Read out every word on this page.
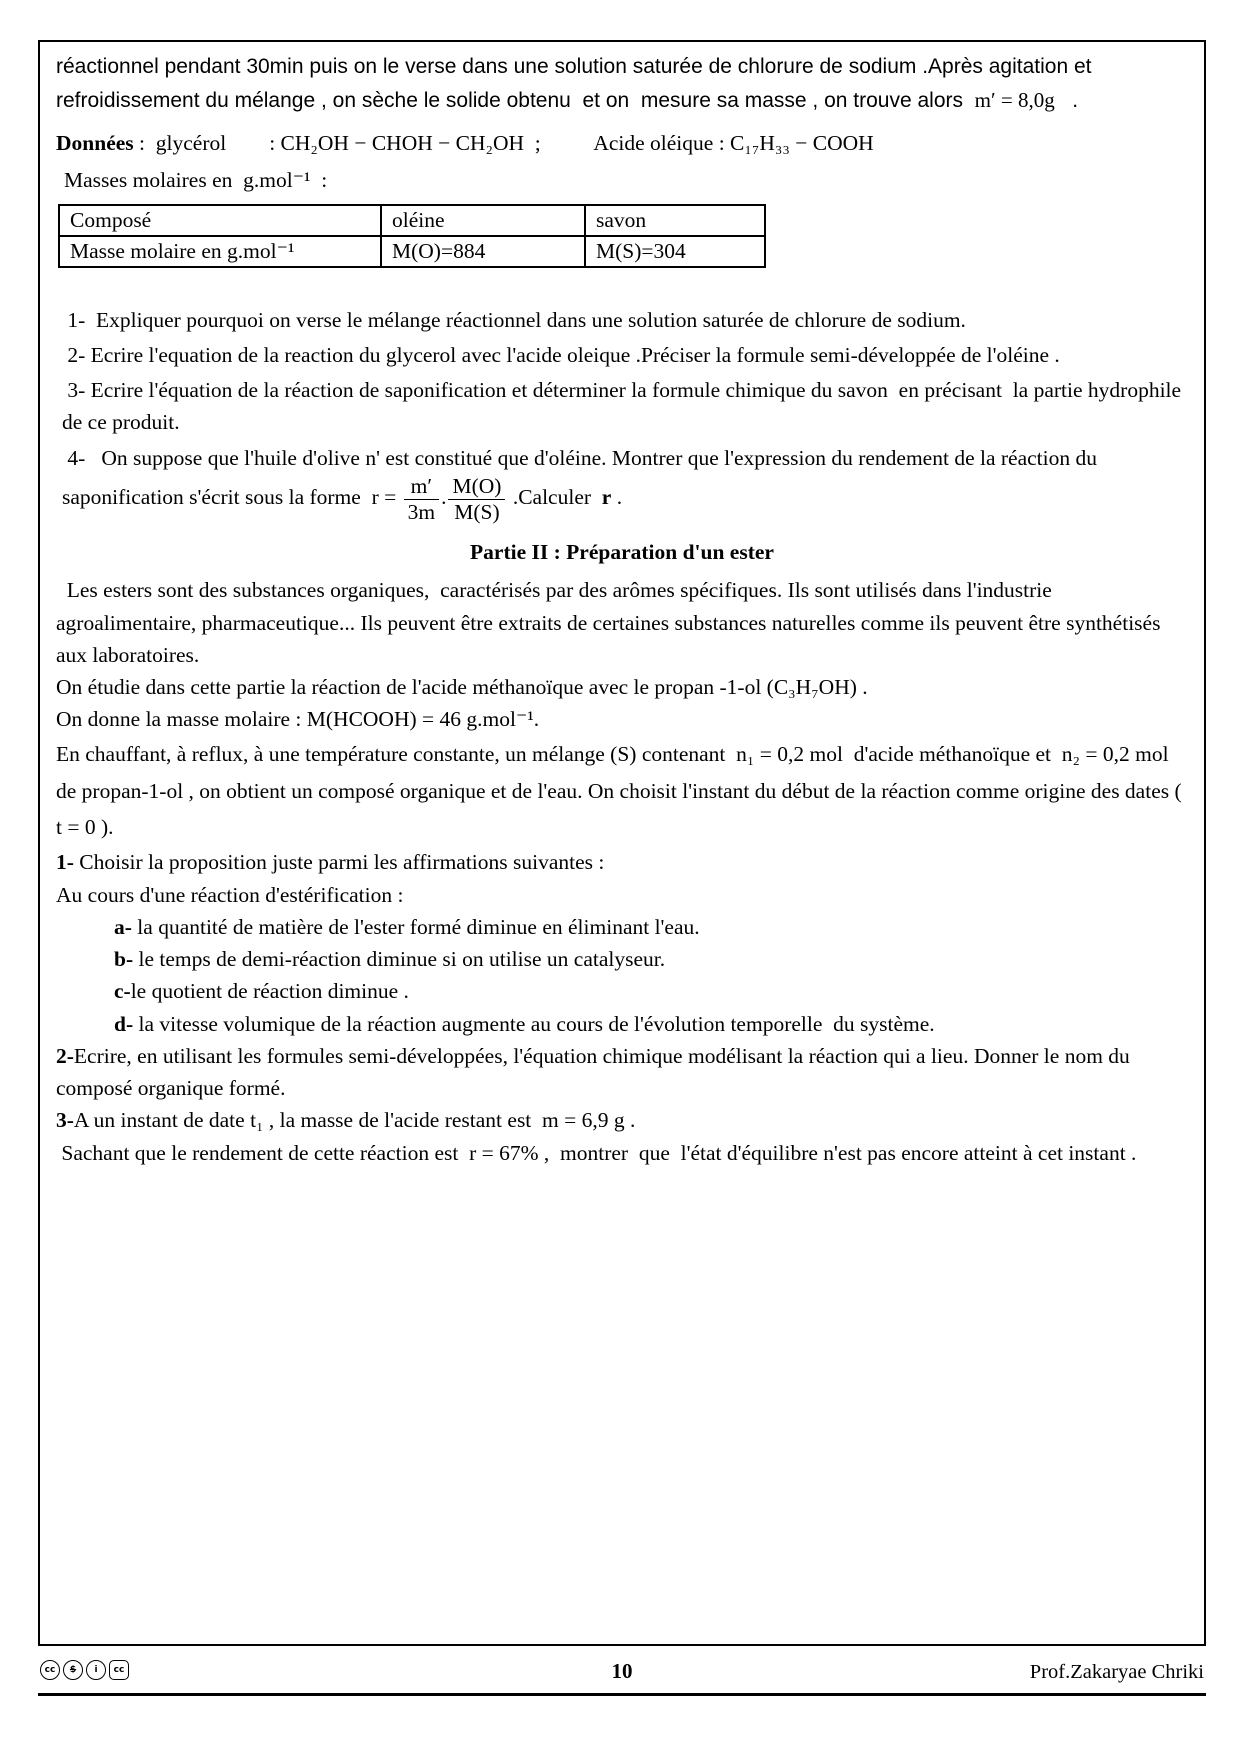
réactionnel pendant 30min puis on le verse dans une solution saturée de chlorure de sodium .Après agitation et refroidissement du mélange , on sèche le solide obtenu  et on  mesure sa masse , on trouve alors  m′ = 8,0g   .

Données :  glycérol        : CH₂OH − CHOH − CH₂OH  ;          Acide oléique : C₁₇H₃₃ − COOH

Masses molaires en  g.mol⁻¹  :

Composé	oléine	savon
Masse molaire en g.mol⁻¹	M(O)=884	M(S)=304

1-  Expliquer pourquoi on verse le mélange réactionnel dans une solution saturée de chlorure de sodium.

2- Ecrire l'equation de la reaction du glycerol avec l'acide oleique .Préciser la formule semi-développée de l'oléine .

3- Ecrire l'équation de la réaction de saponification et déterminer la formule chimique du savon  en précisant  la partie hydrophile de ce produit.

4-   On suppose que l'huile d'olive n' est constitué que d'oléine. Montrer que l'expression du rendement de la réaction du saponification s'écrit sous la forme  $r = \frac{m'}{3m}$ . $\frac{M(O)}{M(S)}$ .Calculer  r .

Partie II : Préparation d'un ester

Les esters sont des substances organiques,  caractérisés par des arômes spécifiques. Ils sont utilisés dans l'industrie  agroalimentaire, pharmaceutique... Ils peuvent être extraits de certaines substances naturelles comme ils peuvent être synthétisés aux laboratoires.

On étudie dans cette partie la réaction de l'acide méthanoïque avec le propan -1-ol (C₃H₇OH) .

On donne la masse molaire : M(HCOOH) = 46 g.mol⁻¹.

En chauffant, à reflux, à une température constante, un mélange (S) contenant  n₁ = 0,2 mol  d'acide méthanoïque et  n₂ = 0,2 mol de propan-1-ol , on obtient un composé organique et de l'eau. On choisit l'instant du début de la réaction comme origine des dates ( t = 0 ).

1- Choisir la proposition juste parmi les affirmations suivantes :

Au cours d'une réaction d'estérification :

a- la quantité de matière de l'ester formé diminue en éliminant l'eau.

b- le temps de demi-réaction diminue si on utilise un catalyseur.

c-le quotient de réaction diminue .

d- la vitesse volumique de la réaction augmente au cours de l'évolution temporelle  du système.

2-Ecrire, en utilisant les formules semi-développées, l'équation chimique modélisant la réaction qui a lieu. Donner le nom du composé organique formé.

3-A un instant de date t₁ , la masse de l'acide restant est  m = 6,9 g .

Sachant que le rendement de cette réaction est  r = 67% ,  montrer  que  l'état d'équilibre n'est pas encore atteint à cet instant .

cc $ i cc	10	Prof.Zakaryae Chriki
